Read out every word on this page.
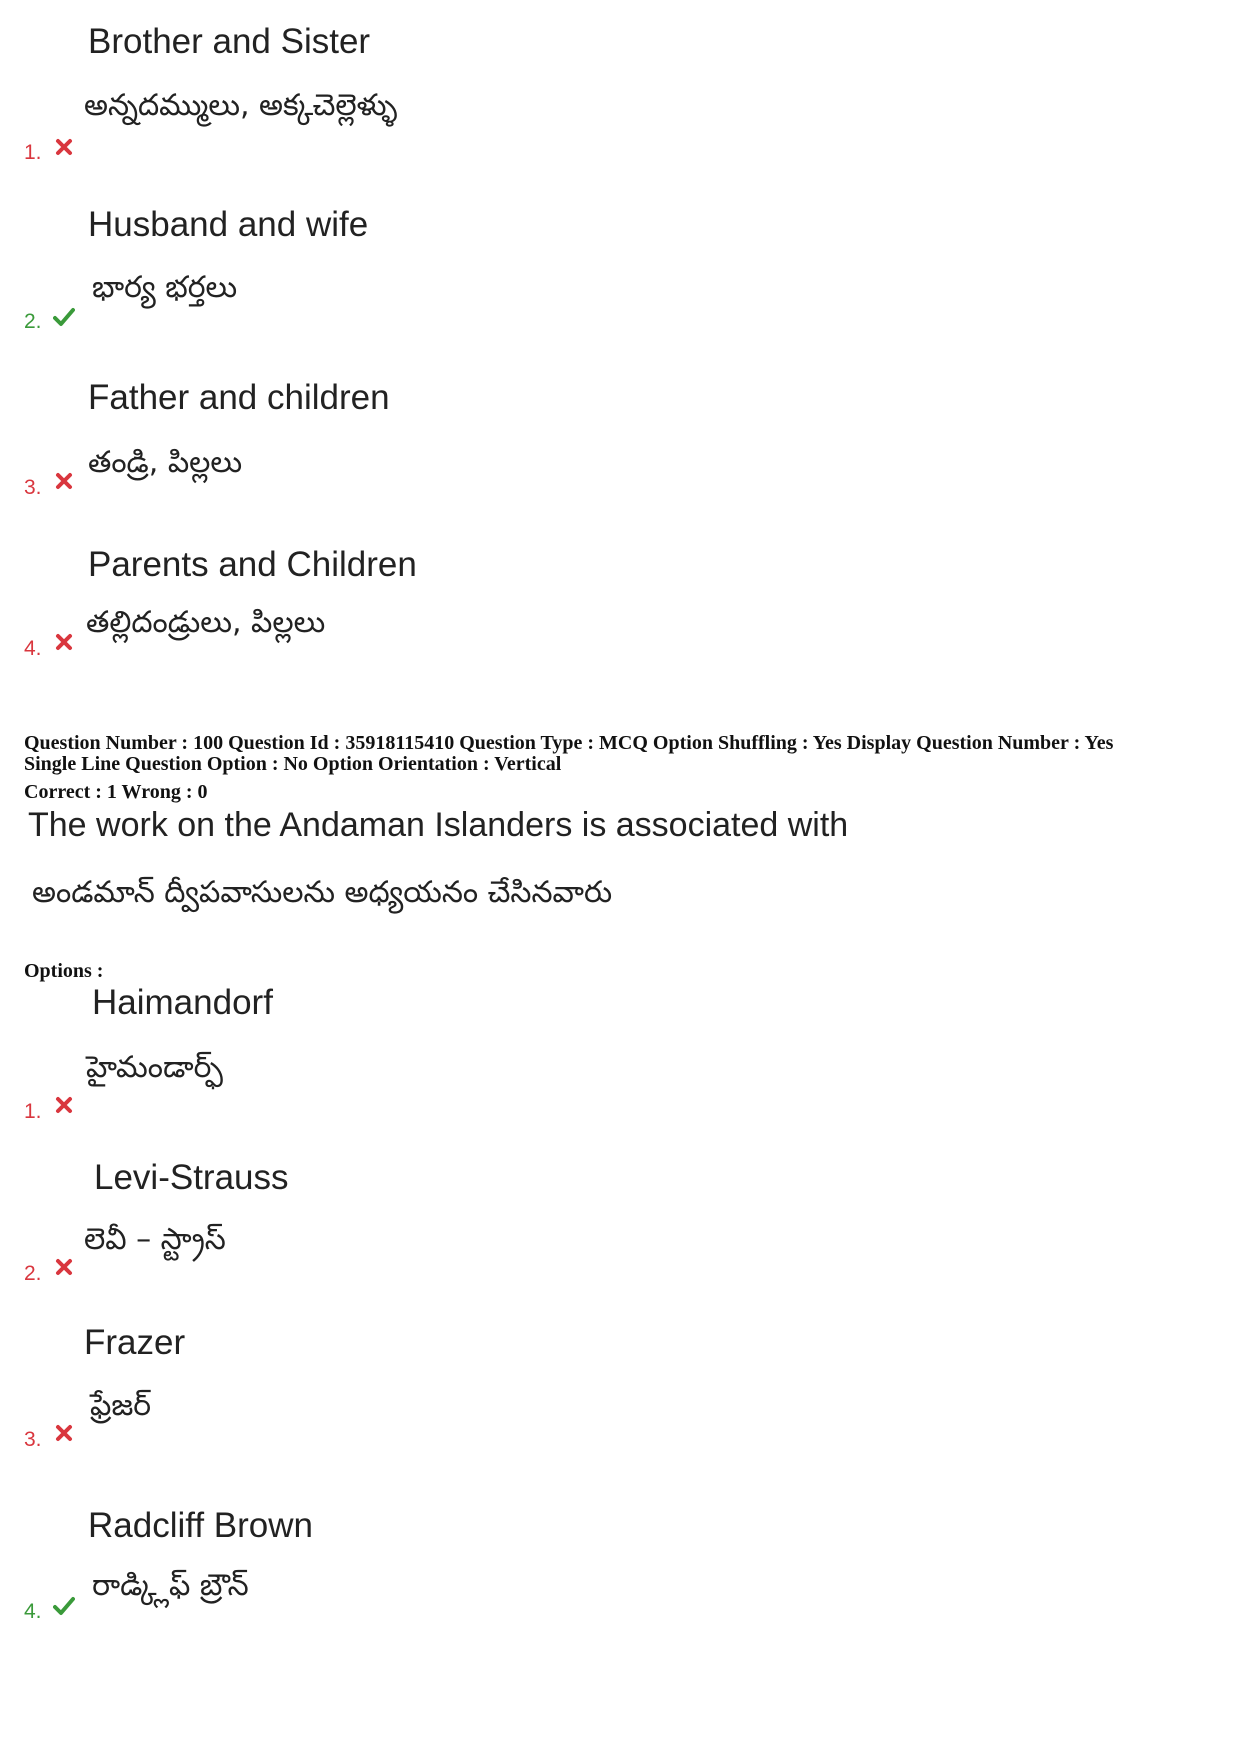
Brother and Sister
అన్నదమ్ములు, అక్కచెల్లెళ్ళు
1.
Husband and wife
భార్య భర్తలు
2.
Father and children
తండ్రి, పిల్లలు
3.
Parents and Children
తల్లిదండ్రులు, పిల్లలు
4.
Question Number : 100 Question Id : 35918115410 Question Type : MCQ Option Shuffling : Yes Display Question Number : Yes
Single Line Question Option : No Option Orientation : Vertical
Correct : 1 Wrong : 0
The work on the Andaman Islanders is associated with
అండమాన్ ద్వీపవాసులను అధ్యయనం చేసినవారు
Options :
Haimandorf
హైమండార్ఫ్
1.
Levi-Strauss
లెవీ – స్ట్రాస్
2.
Frazer
ఫ్రేజర్
3.
Radcliff Brown
రాడ్క్లిఫ్ బ్రౌన్
4.
